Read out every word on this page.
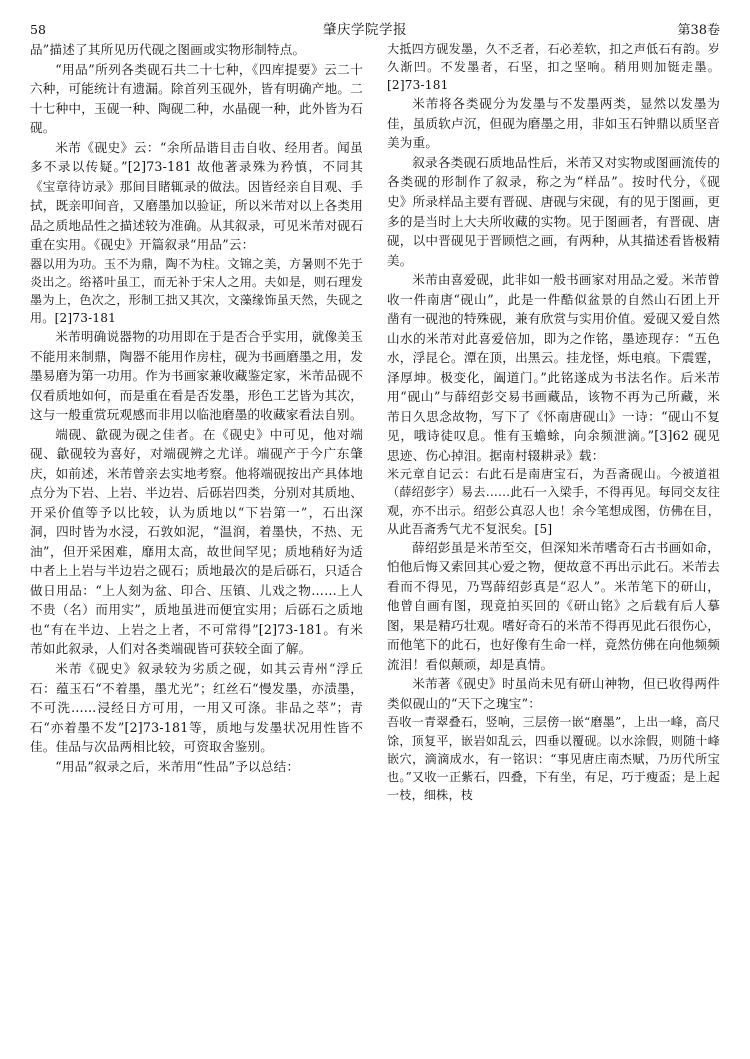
58	肇庆学院学报	第38卷

品”描述了其所见历代砚之图画或实物形制特点。

“用品”所列各类砚石共二十七种，《四库提要》云二十六种，可能统计有遗漏。除首列玉砚外，皆有明确产地。二十七种中，玉砚一种、陶砚二种，水晶砚一种，此外皆为石砚。

米芾《砚史》云：“余所品谐目击自收、经用者。闻虽多不录以传疑。”[2]73-181 故他著录殊为矜慎，不同其《宝章待访录》那间目睹辄录的做法。因皆经亲自目观、手拭，既亲叩间音，又磨墨加以验证，所以米芾对以上各类用品之质地品性之描述较为准确。从其叙录，可见米芾对砚石重在实用。《砚史》开篇叙录“用品”云：

器以用为功。玉不为鼎，陶不为柱。文锦之美，方暑则不先于炎出之。绤褡叶虽工，而无补于宋人之用。夫如是，则石理发墨为上，色次之，形制工拙又其次，文藻缘饰虽天然，失砚之用。[2]73-181

米芾明确说器物的功用即在于是否合乎实用，就像美玉不能用来制鼎，陶器不能用作房柱，砚为书画磨墨之用，发墨易磨为第一功用。作为书画家兼收藏鉴定家，米芾品砚不仅看质地如何，而是重在看是否发墨，形色工艺皆为其次，这与一般重赏玩观感而非用以临池磨墨的收藏家看法自别。

端砚、歙砚为砚之佳者。在《砚史》中可见，他对端砚、歙砚较为喜好，对端砚辨之尤详。端砚产于今广东肇庆，如前述，米芾曾亲去实地考察。他将端砚按出产具体地点分为下岩、上岩、半边岩、后砾岩四类，分别对其质地、开采价值等予以比较，认为质地以“下岩第一”，石出深洞，四时皆为水浸，石敦如泥，“温润，着墨快，不热、无油”，但开采困难，靡用太高，故世间罕见；质地稍好为适中者上上岩与半边岩之砚石；质地最次的是后砾石，只适合做日用品：“上人刻为盆、印合、压镇、儿戏之物……上人不贵（名）而用实”，质地虽进而便宜实用；后砾石之质地也“有在半边、上岩之上者，不可常得”[2]73-181。有米芾如此叙录，人们对各类端砚皆可获较全面了解。

米芾《砚史》叙录较为劣质之砚，如其云青州“浮丘石：蕴玉石“不着墨，墨尤光”；红丝石“慢发墨，亦渍墨，不可洗……浸经日方可用，一用又可涤。非品之萃”；青石“亦着墨不发”[2]73-181等，质地与发墨状况用性皆不佳。佳品与次品两相比较，可资取舍鉴别。

“用品”叙录之后，米芾用“性品”予以总结：

大抵四方砚发墨，久不乏者，石必差软，扣之声低石有韵。岁久渐凹。不发墨者，石坚，扣之坚响。稍用则加铤走墨。[2]73-181

米芾将各类砚分为发墨与不发墨两类，显然以发墨为佳，虽质软卢沉，但砚为磨墨之用，非如玉石钟鼎以质坚音美为重。

叙录各类砚石质地品性后，米芾又对实物或图画流传的各类砚的形制作了叙录，称之为“样品”。按时代分，《砚史》所录样品主要有晋砚、唐砚与宋砚，有的见于图画，更多的是当时上大夫所收藏的实物。见于图画者，有晋砚、唐砚，以中晋砚见于晋顾恺之画，有两种，从其描述看皆极精美。

米芾由喜爱砚，此非如一般书画家对用品之爱。米芾曾收一件南唐“砚山”，此是一件酷似盆景的自然山石团上开凿有一砚池的特殊砚，兼有欣赏与实用价值。爱砚又爱自然山水的米芾对此喜爱倍加，即为之作铭，墨迹现存：“五色水，浮昆仑。潭在顶，出黑云。挂龙怪，烁电痕。下震霆，泽厚坤。极变化，阖道门。”此铭遂成为书法名作。后米芾用“砚山”与薛绍彭交易书画藏品，该物不再为己所藏，米芾日久思念故物，写下了《怀南唐砚山》一诗：“砚山不复见，哦诗徒叹息。惟有玉蟾蜍，向余频泄滴。”[3]62 砚见思迹、伤心掉泪。据南村辍耕录》载：

米元章自记云：右此石是南唐宝石，为吾斋砚山。今被道祖（薛绍彭字）易去……此石一入梁手，不得再见。每同交友往观，亦不出示。绍彭公真忍人也！余今笔想成图，仿佛在目，从此吾斋秀气尤不复泯矣。[5]

薛绍彭虽是米芾至交，但深知米芾嗜奇石古书画如命，怕他后悔又索回其心爱之物，便故意不再出示此石。米芾去看而不得见，乃骂薛绍彭真是“忍人”。米芾笔下的研山，他曾自画有图，现竟拍买回的《研山铭》之后载有后人摹图，果是精巧壮观。嗜好奇石的米芾不得再见此石很伤心，而他笔下的此石，也好像有生命一样，竟然仿佛在向他频频流泪！看似颠顽，却是真情。

米芾著《砚史》时虽尚未见有研山神物，但已收得两件类似砚山的“天下之瑰宝”：

吾收一青翠叠石，竖响，三层傍一嵌“磨墨”，上出一峰，高尺馀，顶复平，嵌岩如乱云，四垂以覆砚。以水涂假，则随十峰嵌穴，滴滴成水，有一铭识：“事见唐庄南杰赋，乃历代所宝也。”又收一正紫石，四叠，下有坐，有足，巧于瘦盃；是上起一枝，细株，枝
